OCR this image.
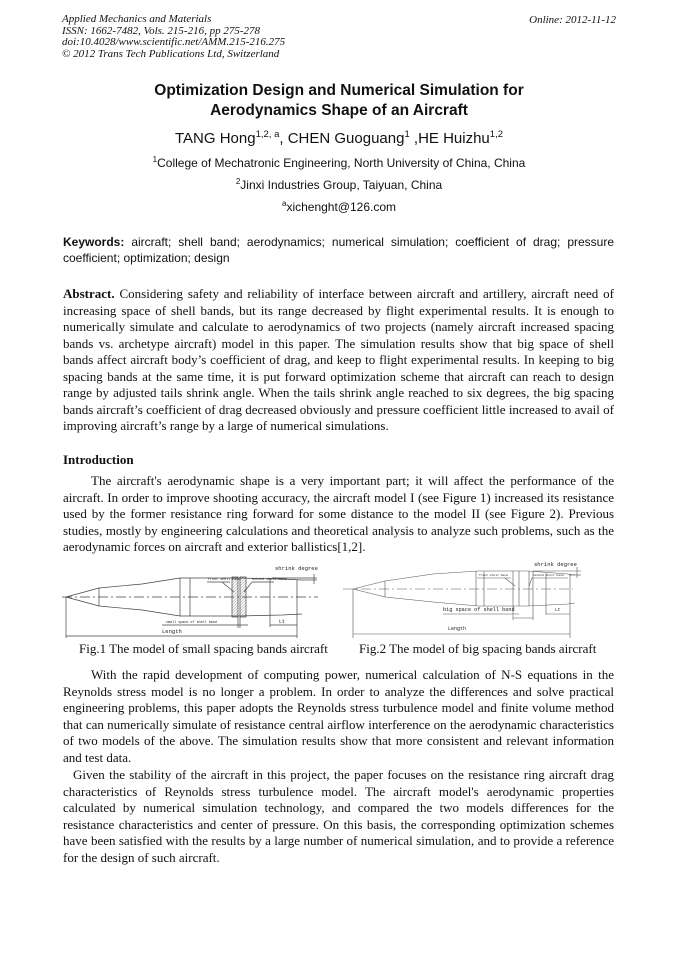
Applied Mechanics and Materials
ISSN: 1662-7482, Vols. 215-216, pp 275-278
doi:10.4028/www.scientific.net/AMM.215-216.275
© 2012 Trans Tech Publications Ltd, Switzerland
Online: 2012-11-12
Optimization Design and Numerical Simulation for
Aerodynamics Shape of an Aircraft
TANG Hong$^{1,2, a}$, CHEN Guoguang$^1$ ,HE Huizhu$^{1,2}$
$^1$College of Mechatronic Engineering, North University of China, China
$^2$Jinxi Industries Group, Taiyuan, China
$^a$xichenght@126.com
Keywords: aircraft; shell band; aerodynamics; numerical simulation; coefficient of drag; pressure coefficient; optimization; design
Abstract. Considering safety and reliability of interface between aircraft and artillery, aircraft need of increasing space of shell bands, but its range decreased by flight experimental results. It is enough to numerically simulate and calculate to aerodynamics of two projects (namely aircraft increased spacing bands vs. archetype aircraft) model in this paper. The simulation results show that big space of shell bands affect aircraft body’s coefficient of drag, and keep to flight experimental results. In keeping to big spacing bands at the same time, it is put forward optimization scheme that aircraft can reach to design range by adjusted tails shrink angle. When the tails shrink angle reached to six degrees, the big spacing bands aircraft’s coefficient of drag decreased obviously and pressure coefficient little increased to avail of improving aircraft’s range by a large of numerical simulations.
Introduction
The aircraft's aerodynamic shape is a very important part; it will affect the performance of the aircraft. In order to improve shooting accuracy, the aircraft model I (see Figure 1) increased its resistance used by the former resistance ring forward for some distance to the model II (see Figure 2). Previous studies, mostly by engineering calculations and theoretical analysis to analyze such problems, such as the aerodynamic forces on aircraft and exterior ballistics[1,2].
shrink degree
front shell band	behind shell band
small space of shell band	Lt
Length
shrink degree
front shell band	behind shell band
big space of shell band	Lt
Length
Fig.1 The model of small spacing bands aircraft Fig.2 The model of big spacing bands aircraft
With the rapid development of computing power, numerical calculation of N-S equations in the Reynolds stress model is no longer a problem. In order to analyze the differences and solve practical engineering problems, this paper adopts the Reynolds stress turbulence model and finite volume method that can numerically simulate of resistance central airflow interference on the aerodynamic characteristics of two models of the above. The simulation results show that more consistent and relevant information and test data.
Given the stability of the aircraft in this project, the paper focuses on the resistance ring aircraft drag characteristics of Reynolds stress turbulence model. The aircraft model's aerodynamic properties calculated by numerical simulation technology, and compared the two models differences for the resistance characteristics and center of pressure. On this basis, the corresponding optimization schemes have been satisfied with the results by a large number of numerical simulation, and to provide a reference for the design of such aircraft.
